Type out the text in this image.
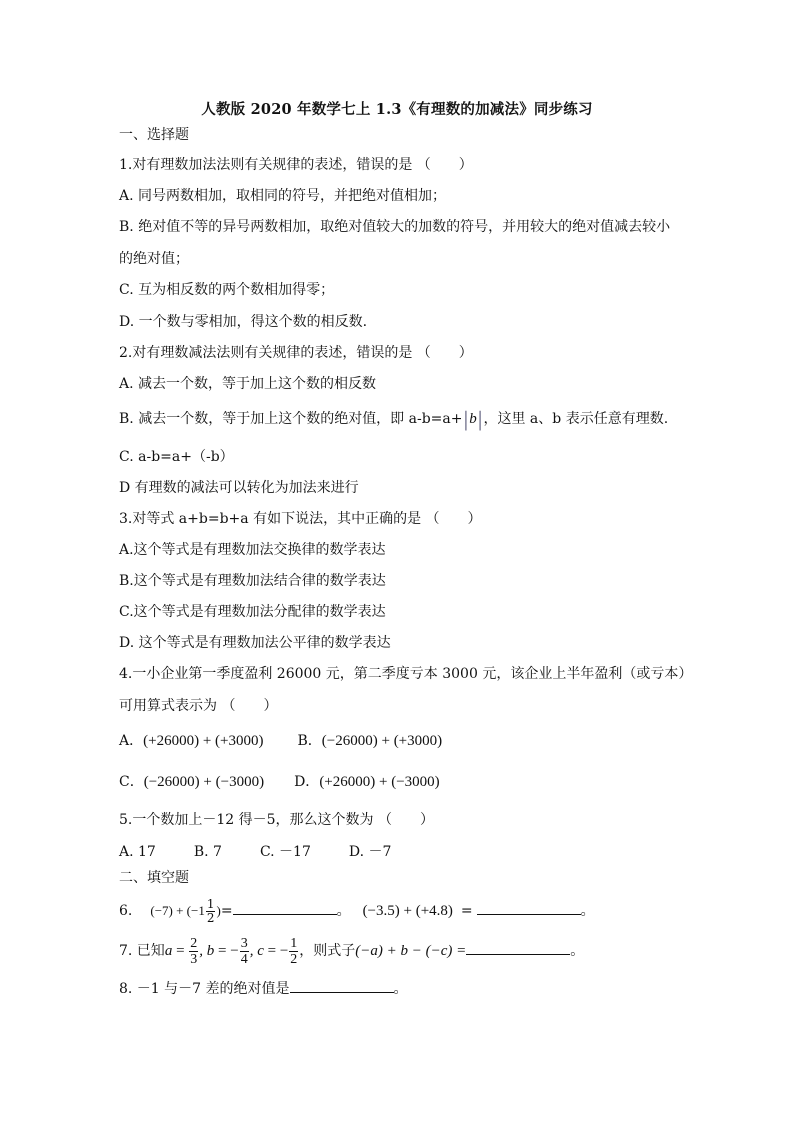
人教版 2020 年数学七上 1.3《有理数的加减法》同步练习
一、选择题
1.对有理数加法法则有关规律的表述，错误的是 （　　）
A. 同号两数相加，取相同的符号，并把绝对值相加；
B. 绝对值不等的异号两数相加，取绝对值较大的加数的符号，并用较大的绝对值减去较小
的绝对值；
C. 互为相反数的两个数相加得零；
D. 一个数与零相加，得这个数的相反数.
2.对有理数减法法则有关规律的表述，错误的是 （　　）
A. 减去一个数，等于加上这个数的相反数
B. 减去一个数，等于加上这个数的绝对值，即 a-b=a+|b|，这里 a、b 表示任意有理数.
C. a-b=a+（-b）
D 有理数的减法可以转化为加法来进行
3.对等式 a+b=b+a 有如下说法，其中正确的是 （　　）
A.这个等式是有理数加法交换律的数学表达
B.这个等式是有理数加法结合律的数学表达
C.这个等式是有理数加法分配律的数学表达
D. 这个等式是有理数加法公平律的数学表达
4.一小企业第一季度盈利 26000 元，第二季度亏本 3000 元，该企业上半年盈利（或亏本）
可用算式表示为 （　　）
A．(+26000) + (+3000) B．(−26000) + (+3000)
C．(−26000) + (−3000) D．(+26000) + (−3000)
5.一个数加上－12 得－5，那么这个数为 （　　）
A. 17	B. 7	C. －17	D. －7
二、填空题
6. $(-7) + (-1 \frac{1}{2}$ )=	。 (−3.5) + (+4.8) =	。
7. 已知$a = \frac{2}{3}$ , b = − $\frac{3}{4}$ , c = − $\frac{1}{2}$ ，则式子(−a) + b − (−c) =	。
8. －1 与－7 差的绝对值是	。
